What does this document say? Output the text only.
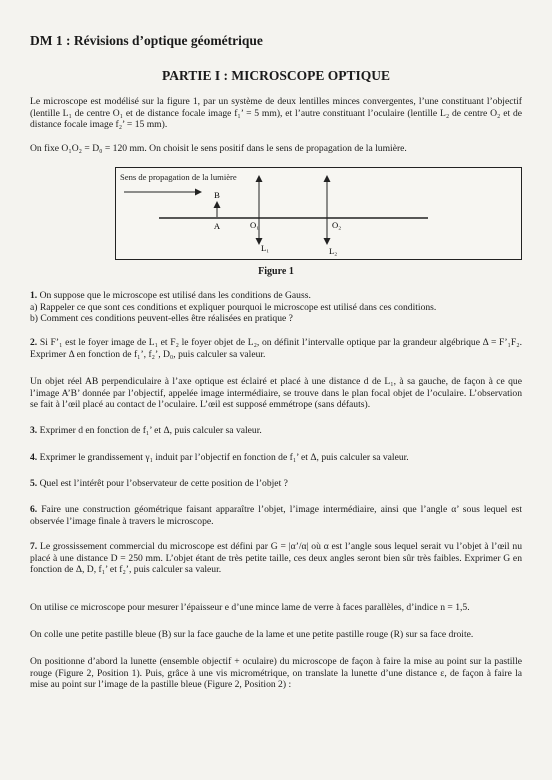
DM 1 : Révisions d’optique géométrique
PARTIE I : MICROSCOPE OPTIQUE
Le microscope est modélisé sur la figure 1, par un système de deux lentilles minces convergentes, l’une constituant l’objectif (lentille L₁ de centre O₁ et de distance focale image f₁’ = 5 mm), et l’autre constituant l’oculaire (lentille L₂ de centre O₂ et de distance focale image f₂’ = 15 mm).
On fixe O₁O₂ = D₀ = 120 mm. On choisit le sens positif dans le sens de propagation de la lumière.
Sens de propagation de la lumière
B
A	O₁
L₁
O₂
L₂
Figure 1
1. On suppose que le microscope est utilisé dans les conditions de Gauss.
a) Rappeler ce que sont ces conditions et expliquer pourquoi le microscope est utilisé dans ces conditions.
b) Comment ces conditions peuvent-elles être réalisées en pratique ?
2. Si F’₁ est le foyer image de L₁ et F₂ le foyer objet de L₂, on définit l’intervalle optique par la grandeur algébrique Δ = F’₁F₂. Exprimer Δ en fonction de f₁’, f₂’, D₀, puis calculer sa valeur.
Un objet réel AB perpendiculaire à l’axe optique est éclairé et placé à une distance d de L₁, à sa gauche, de façon à ce que l’image A’B’ donnée par l’objectif, appelée image intermédiaire, se trouve dans le plan focal objet de l’oculaire. L’observation se fait à l’œil placé au contact de l’oculaire. L’œil est supposé emmétrope (sans défauts).
3. Exprimer d en fonction de f₁’ et Δ, puis calculer sa valeur.
4. Exprimer le grandissement γ₁ induit par l’objectif en fonction de f₁’ et Δ, puis calculer sa valeur.
5. Quel est l’intérêt pour l’observateur de cette position de l’objet ?
6. Faire une construction géométrique faisant apparaître l’objet, l’image intermédiaire, ainsi que l’angle α’ sous lequel est observée l’image finale à travers le microscope.
7. Le grossissement commercial du microscope est défini par G = |α’/α| où α est l’angle sous lequel serait vu l’objet à l’œil nu placé à une distance D = 250 mm. L’objet étant de très petite taille, ces deux angles seront bien sûr très faibles. Exprimer G en fonction de Δ, D, f₁’ et f₂’, puis calculer sa valeur.
On utilise ce microscope pour mesurer l’épaisseur e d’une mince lame de verre à faces parallèles, d’indice n = 1,5.
On colle une petite pastille bleue (B) sur la face gauche de la lame et une petite pastille rouge (R) sur sa face droite.
On positionne d’abord la lunette (ensemble objectif + oculaire) du microscope de façon à faire la mise au point sur la pastille rouge (Figure 2, Position 1). Puis, grâce à une vis micrométrique, on translate la lunette d’une distance ε, de façon à faire la mise au point sur l’image de la pastille bleue (Figure 2, Position 2) :
